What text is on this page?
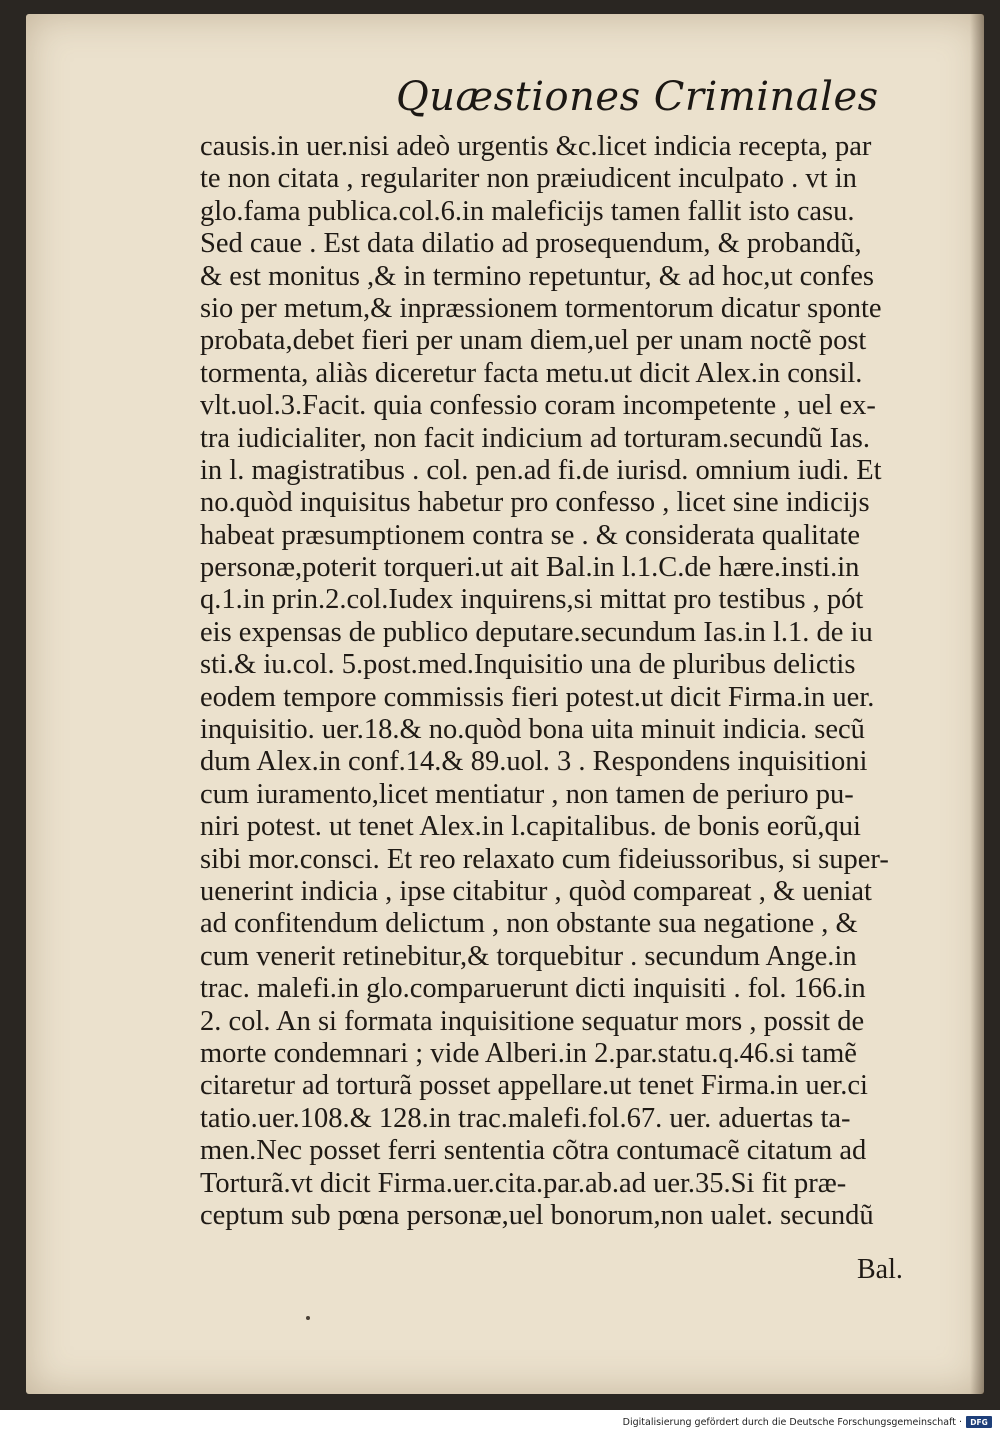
Quæstiones Criminales
causis.in uer.nisi adeò urgentis &c.licet indicia recepta, par
te non citata , regulariter non præiudicent inculpato . vt in
glo.fama publica.col.6.in maleficijs tamen fallit isto casu.
Sed caue . Est data dilatio ad prosequendum, & probandũ,
& est monitus ,& in termino repetuntur, & ad hoc,ut confes
sio per metum,& inpræssionem tormentorum dicatur sponte
probata,debet fieri per unam diem,uel per unam noctẽ post
tormenta, aliàs diceretur facta metu.ut dicit Alex.in consil.
vlt.uol.3.Facit. quia confessio coram incompetente , uel ex-
tra iudicialiter, non facit indicium ad torturam.secundũ Ias.
in l. magistratibus . col. pen.ad fi.de iurisd. omnium iudi. Et
no.quòd inquisitus habetur pro confesso , licet sine indicijs
habeat præsumptionem contra se . & considerata qualitate
personæ,poterit torqueri.ut ait Bal.in l.1.C.de hære.insti.in
q.1.in prin.2.col.Iudex inquirens,si mittat pro testibus , pót
eis expensas de publico deputare.secundum Ias.in l.1. de iu
sti.& iu.col. 5.post.med.Inquisitio una de pluribus delictis
eodem tempore commissis fieri potest.ut dicit Firma.in uer.
inquisitio. uer.18.& no.quòd bona uita minuit indicia. secũ
dum Alex.in conf.14.& 89.uol. 3 . Respondens inquisitioni
cum iuramento,licet mentiatur , non tamen de periuro pu-
niri potest. ut tenet Alex.in l.capitalibus. de bonis eorũ,qui
sibi mor.consci. Et reo relaxato cum fideiussoribus, si super-
uenerint indicia , ipse citabitur , quòd compareat , & ueniat
ad confitendum delictum , non obstante sua negatione , &
cum venerit retinebitur,& torquebitur . secundum Ange.in
trac. malefi.in glo.comparuerunt dicti inquisiti . fol. 166.in
2. col. An si formata inquisitione sequatur mors , possit de
morte condemnari ; vide Alberi.in 2.par.statu.q.46.si tamẽ
citaretur ad torturã posset appellare.ut tenet Firma.in uer.ci
tatio.uer.108.& 128.in trac.malefi.fol.67. uer. aduertas ta-
men.Nec posset ferri sententia cõtra contumacẽ citatum ad
Torturã.vt dicit Firma.uer.cita.par.ab.ad uer.35.Si fit præ-
ceptum sub pœna personæ,uel bonorum,non ualet. secundũ
Bal.
Digitalisierung gefördert durch die Deutsche Forschungsgemeinschaft ·	DFG
